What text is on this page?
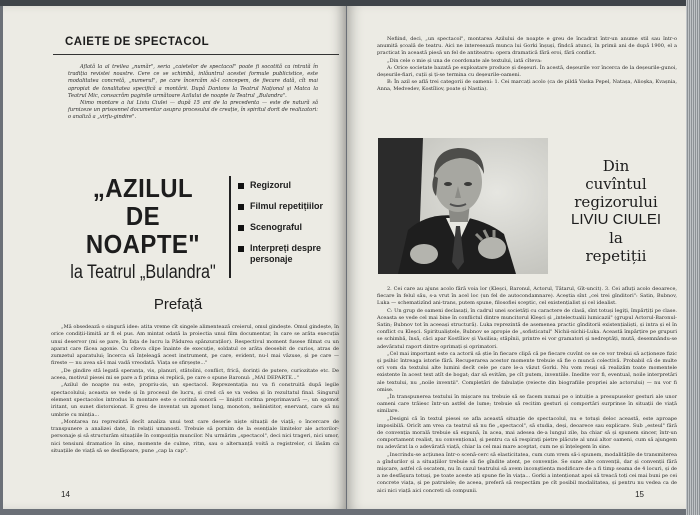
CAIETE DE SPECTACOL

Aflată la al treilea „număr", seria „caietelor de spectacol" poate fi socotită ca intrată în tradiția revistei noastre. Cere ce se schimbă, inlăuntrul acestei formule publicistice, este modalitatea concretă, „numerul", pe care încercăm să-l concepem, de fiecare dată, cît mai apropiat de tonalitatea specifică a montării. După Dantons la Teatrul Național și Matca la Teatrul Mic, consacrăm paginile următoare Azilului de noapte la Teatrul „Bulandra".

Nimo montare a lui Liviu Ciulei — după 15 ani de la precedenta — este de natură să furnizeze un prisosnnel documentar asupra procesului de creație, în spiritul dorit de realizatori: o analiză a „virfu-gindire".

„AZILUL
DE
NOAPTE"
la Teatrul „Bulandra"
Regizorul
Filmul repetițiilor
Scenograful
Interpreți despre personaje
Prefață

„Mă obsedează o singură idee: atita vreme cît singele alimentează creierul, omul gindește. Omul gindește, în orice condiții-limită ar fi el pus. Am mintat odată la proiectia unui film documentar, în care se arăta execuția unui deservor (mi se pare, în fața de lucru la Pădurea spânzuraților). Respectivul moment fusese filmat cu un aparat care făcea agonie. Cu cîteva clipe înainte de execuție, soldatul ce arăta deosebit de curios, atras de zumzetul aparatului; încerca să înțeleagă acest instrument, pe care, evident, nu-l mai văzuse, și pe care — fireste — nu avea să-l mai vadă vreodată. Viața se sfirșește..."

„De gindire stă legată speranța, vis, planuri, stătolini, conflict, frică, dorinți de putere, curiozitate etc. De aceea, motivul piesei mi se pare a fi prima ei replică, pe care o spune Baronul: „MAI DEPARTE..."

„Azilul de noapte nu este, propriu-zis, un spectacol. Reprezentația nu va fi construită după legile spectacolului; aceasta se vede și în procesul de lucru, și cred că se va vedea și în rezultatul final. Singurul element spectacolos introdus în montare este o coritnă sonoră — liniștit coritna preprimavară —, un sgomot iritant, un sunet distorsionat. E greu de inventat un zgomot lung, monoton, nelinistitor, enervant, care să nu umbrie cu minția...

„Montarea nu reprezintă decît analiza unui text care deserie niște situații de viață; o încercare de transpunere a analizei date, în relații umanosti. Trebuie să pornim de la esențiale limitelor ale actorilor-personaje și să structurăm situațiile în compoziția muncilor. Nu urmărim „spectacol", deci nici trageri, nici umor, nici tensiuni dramatice în sine, momente de culme, ritm, sau o alternanță voită a registrelor, ci lăsăm ca situațiile de viață să se desfășoare, pune „cap la cap".

14

Nefiind, deci, „un spectacol", montarea Azilului de noapte e greu de încadrat într-un anume stil sau într-o anumită școală de teatru. Aici ne interesează munca lui Gorki înșuși, fîndcă atunci, în primii ani de după 1900, el a practicat în această piesă un fel de antiteatru: opera dramatică fără eroi, fără conflict.

„Din cele o mie și una de coordonate ale textului, iată cîteva:

A: Orice societate bazată pe exploatare produce și deșeuri. În acestă, deșeurile vor încerca de la deșeurile-gunoi, deșeurile-fiari, cuții și ți-se termina cu deșeurile-oameni.

B: În azil se află trei categorii de oameni: 1. Cei marcați acolo (ca de pildă Vaska Pepel, Natașa, Alioșka, Kvașnia, Anna, Medvedev, Kostîliov, poate și Nastia).

Din
cuvîntul
regizorului
LIVIU CIULEI
la
repetiții

2. Cei care au ajuns acolo fără voia lor (Kleșci, Baronul, Actorul, Tătarul, Gît-uncit). 3. Cei afluți acolo deoarece, fiecare în felul său, s-a vrut în acel loc (un fel de autocondamnare). Aceștia sînt „cei trei gînditori": Satin, Bubnov, Luka — schematizînd ani-trans, putem spune, filosofiei sceptic, cel existențialist și cel idealist.

C: Un grup de oameni declasați, în cadrul unei societăți cu caractere de clasă, sînt totuși legiți, împărțiți pe clase. Aceasta se vede cel mai bine în conflictul dintre muncitorul Kleșci și „intelectualii lumicazii" (grupul Actorul-Baronul-Satin; Bubnov tot în aceeași structură). Luka reprezintă de asemenea practic gînditorii existențialiști, și intra și el în conflict cu Kleșci. Spiritualiștele, Bubnov se apropie de „sofisticatul" Nichii-nichii-Luka. Această împărțire pe grupuri se schimbă, însă, căci apar Kostîliov și Vasilisa; stăpînii, printre ei vor gramatori și nedreptăți, mută, desemnându-se adevăratul raport dintre oprimați și oprimatori.

„Cel mai important este ca actorii să știe în fiecare clipă că pe fiecare cuvînt ce se ce vor trebui să acționeze fizic și psihic întreaga istorie fără. Recuperarea acestor momente trebuie să fie o muncă colectivă. Probabil că de multe ori vom da textului alte lumini decît cele pe care le-a văzut Gorki. Nu vom reuși să realizăm toate momentele existente în acest text atît de bogat; dar să evităm, pe cît putem, inventiile. Inedite vor fi, eventual, noile interpretări ale textului, nu „noile inventii". Completări de fabulație (reiecte din biografiile propriei ale actorului) — nu vor fi omise.

„În transpunerea textului în mișcare nu trebuie să se facem numai pe o intuiție a presupuselor gesturi ale unor oameni care trăiesc într-un astfel de lume; trebuie să recitim gesturi și comportări surprinse în situații de viață similare.

„Designi că în textul piesei se afla această situație de spectacolul, nu e totuși deloc această, este aproape imposibilă. Oricît am vrea ca teatrul să nu fie „spectacol", să studia, deși, deoarece sau explicare. Sub „esteul" fără de convenția morală trebuie să expună, în acea, mai adesea de-a lungul zile, ba chiar să și spunem sincer, într-un comportament realist, nu convențional, și pentru ca să respirați pietre plăcute al unui altor oameni, cum să ajungem nu adevărat la o adevărată viață, chiar la cel mai mare aceptat, cum ne și înțelegem în sine.

„Inscrindu-se acțiunea într-o scenă-cerc să elasticitatea, cum cum vrem să-i spunem, modalitățile de transmiterea a gîndurilor și a situațiilor trebuie să fie gîndite atent, pe convenție. Se sune alte convenții, dar și convenții fără mișcare, astfel că oscatem, nu în cazul teatrului să avem inconștienta modificare de a fi timp seama de 4 locuri, și de a ne desfășura totuși, pe toate aceste ați spune fie în viața... Gorki a intenționat apoi să treacă toți cei mai buni pe cei concrete viața, și pe patrulele; de aceea, preferă să respectăm pe cît posibil modalitatea, și pentru nu vedea ca de aici nici viață aici concreti să compunii.	15
